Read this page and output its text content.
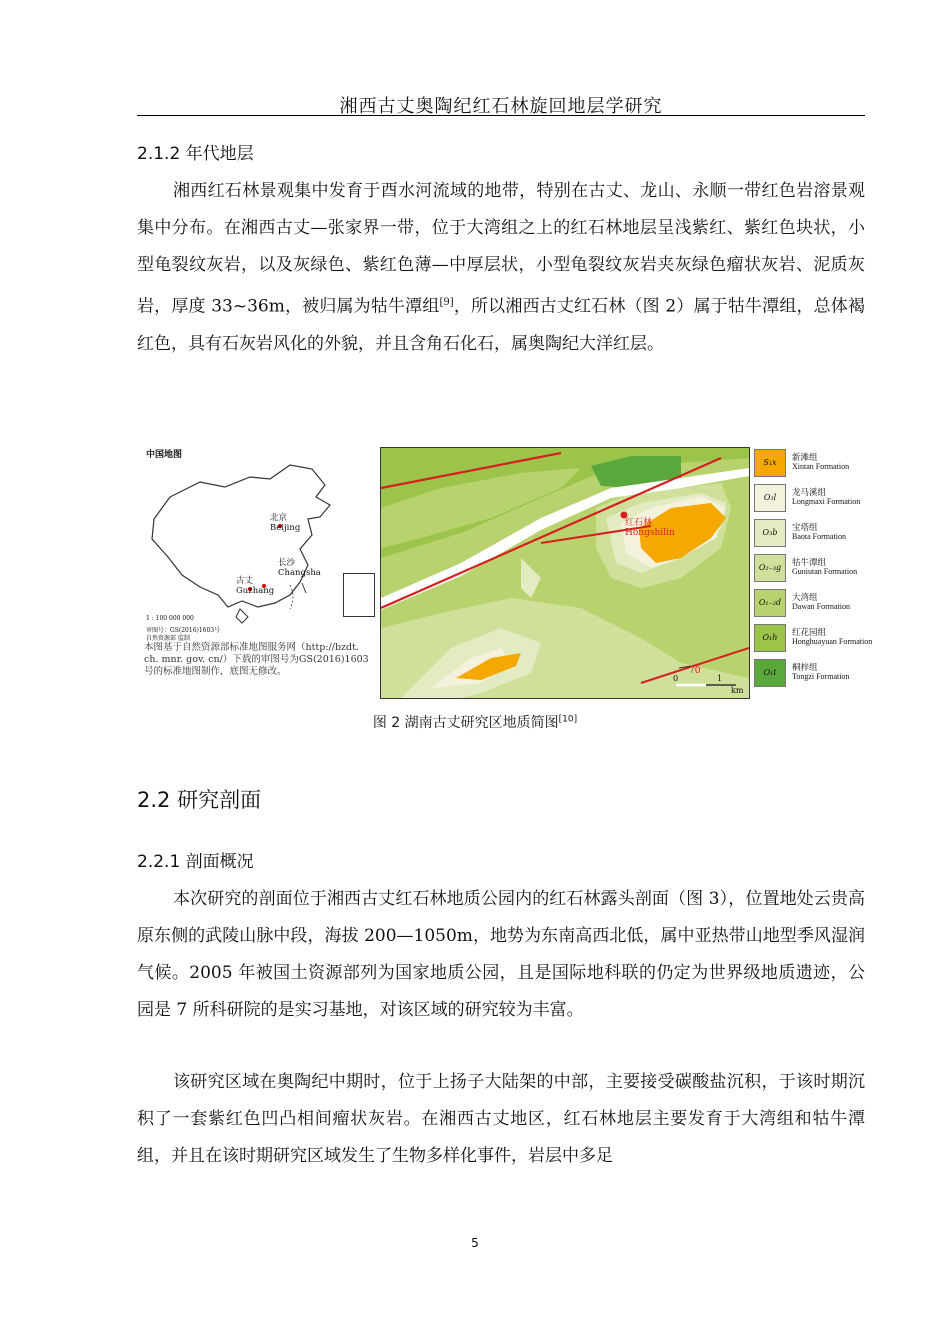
湘西古丈奥陶纪红石林旋回地层学研究
2.1.2 年代地层
湘西红石林景观集中发育于酉水河流域的地带，特别在古丈、龙山、永顺一带红色岩溶景观集中分布。在湘西古丈—张家界一带，位于大湾组之上的红石林地层呈浅紫红、紫红色块状，小型龟裂纹灰岩，以及灰绿色、紫红色薄—中厚层状，小型龟裂纹灰岩夹灰绿色瘤状灰岩、泥质灰岩，厚度 33~36m，被归属为牯牛潭组[9]，所以湘西古丈红石林（图 2）属于牯牛潭组，总体褐红色，具有石灰岩风化的外貌，并且含角石化石，属奥陶纪大洋红层。
中国地图
北京
Beijing
长沙
Changsha
古丈
Guzhang
1 : 100 000 000
审图号：GS(2016)1603号
自然资源部 监制
本图基于自然资源部标准地图服务网（http://bzdt. ch. mnr. gov. cn/）下载的审图号为GS(2016)1603号的标准地图制作，底图无修改。
红石林
Hongshilin
70
0	1
km
S₁x	新滩组
Xintan Formation
O₃l	龙马溪组
Longmaxi Formation
O₃b	宝塔组
Baota Formation
O₂₋₃g	牯牛潭组
Guniutan Formation
O₁₋₂d	大湾组
Dawan Formation
O₁h	红花园组
Honghuayuan Formation
O₁t	桐梓组
Tongzi Formation
图 2 湖南古丈研究区地质简图[10]
2.2 研究剖面
2.2.1 剖面概况
本次研究的剖面位于湘西古丈红石林地质公园内的红石林露头剖面（图 3），位置地处云贵高原东侧的武陵山脉中段，海拔 200—1050m，地势为东南高西北低，属中亚热带山地型季风湿润气候。2005 年被国土资源部列为国家地质公园，且是国际地科联的仍定为世界级地质遗迹，公园是 7 所科研院的是实习基地，对该区域的研究较为丰富。
该研究区域在奥陶纪中期时，位于上扬子大陆架的中部，主要接受碳酸盐沉积，于该时期沉积了一套紫红色凹凸相间瘤状灰岩。在湘西古丈地区，红石林地层主要发育于大湾组和牯牛潭组，并且在该时期研究区域发生了生物多样化事件，岩层中多足
5
